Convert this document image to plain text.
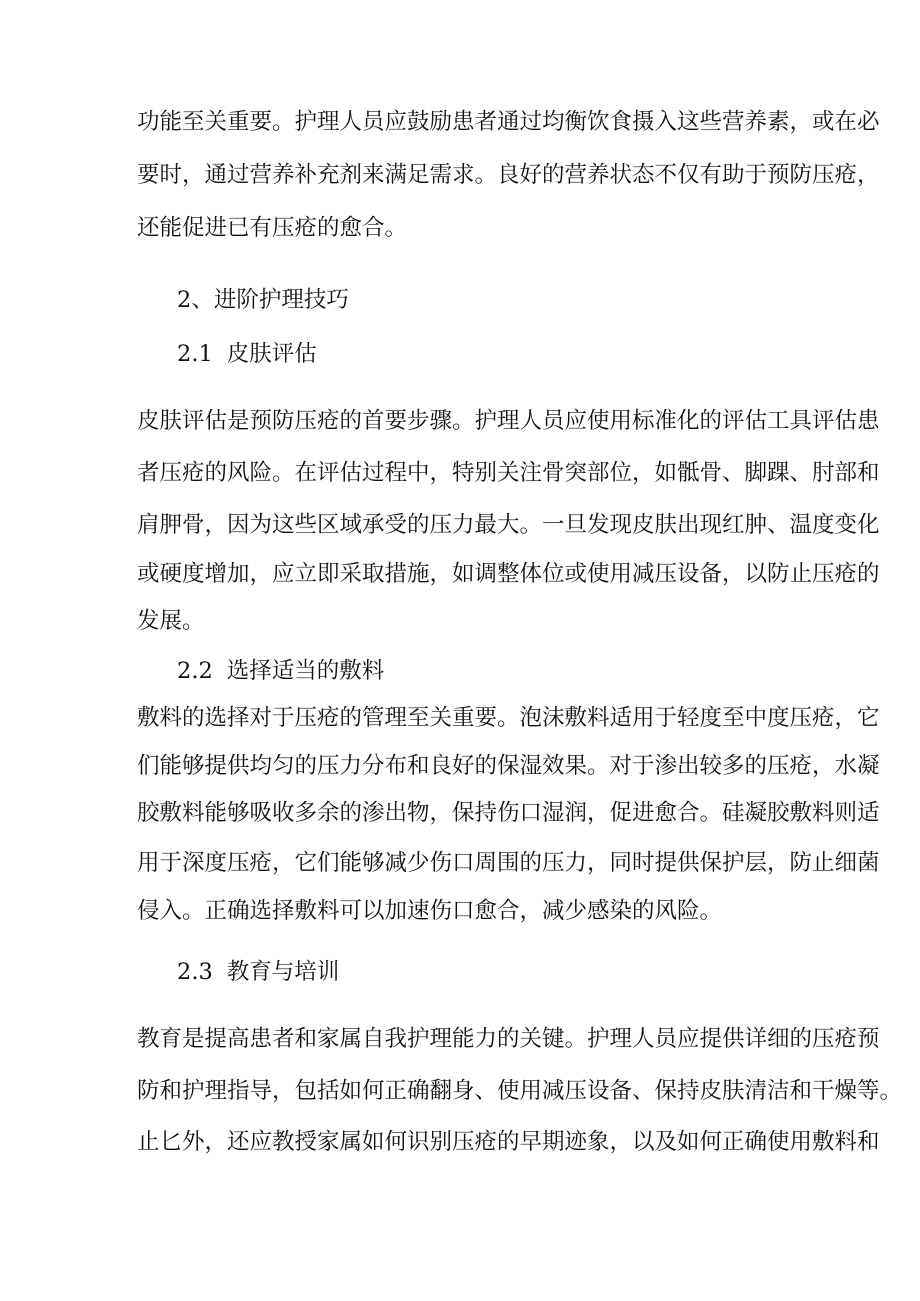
功能至关重要。护理人员应鼓励患者通过均衡饮食摄入这些营养素，或在必
要时，通过营养补充剂来满足需求。良好的营养状态不仅有助于预防压疮，
还能促进已有压疮的愈合。
2、进阶护理技巧
2.1 皮肤评估
皮肤评估是预防压疮的首要步骤。护理人员应使用标准化的评估工具评估患
者压疮的风险。在评估过程中，特别关注骨突部位，如骶骨、脚踝、肘部和
肩胛骨，因为这些区域承受的压力最大。一旦发现皮肤出现红肿、温度变化
或硬度增加，应立即采取措施，如调整体位或使用减压设备，以防止压疮的
发展。
2.2 选择适当的敷料
敷料的选择对于压疮的管理至关重要。泡沫敷料适用于轻度至中度压疮，它
们能够提供均匀的压力分布和良好的保湿效果。对于渗出较多的压疮，水凝
胶敷料能够吸收多余的渗出物，保持伤口湿润，促进愈合。硅凝胶敷料则适
用于深度压疮，它们能够减少伤口周围的压力，同时提供保护层，防止细菌
侵入。正确选择敷料可以加速伤口愈合，减少感染的风险。
2.3 教育与培训
教育是提高患者和家属自我护理能力的关键。护理人员应提供详细的压疮预
防和护理指导，包括如何正确翻身、使用减压设备、保持皮肤清洁和干燥等。
止匕外，还应教授家属如何识别压疮的早期迹象，以及如何正确使用敷料和
